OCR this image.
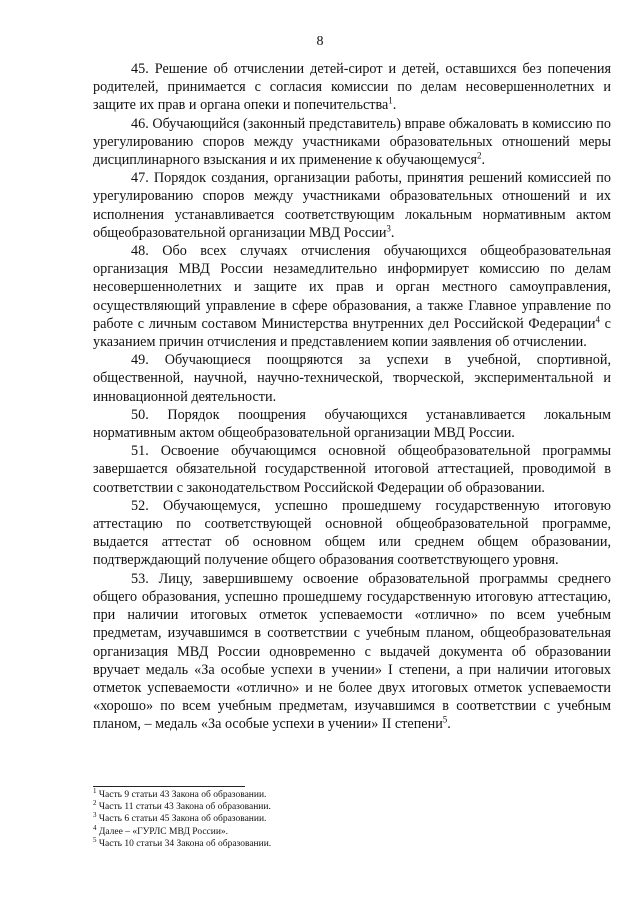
8

45. Решение об отчислении детей-сирот и детей, оставшихся без попечения родителей, принимается с согласия комиссии по делам несовершеннолетних и защите их прав и органа опеки и попечительства$^1$.

46. Обучающийся (законный представитель) вправе обжаловать в комиссию по урегулированию споров между участниками образовательных отношений меры дисциплинарного взыскания и их применение к обучающемуся$^2$.

47. Порядок создания, организации работы, принятия решений комиссией по урегулированию споров между участниками образовательных отношений и их исполнения устанавливается соответствующим локальным нормативным актом общеобразовательной организации МВД России$^3$.

48. Обо всех случаях отчисления обучающихся общеобразовательная организация МВД России незамедлительно информирует комиссию по делам несовершеннолетних и защите их прав и орган местного самоуправления, осуществляющий управление в сфере образования, а также Главное управление по работе с личным составом Министерства внутренних дел Российской Федерации$^4$ с указанием причин отчисления и представлением копии заявления об отчислении.

49. Обучающиеся поощряются за успехи в учебной, спортивной, общественной, научной, научно-технической, творческой, экспериментальной и инновационной деятельности.

50. Порядок поощрения обучающихся устанавливается локальным нормативным актом общеобразовательной организации МВД России.

51. Освоение обучающимся основной общеобразовательной программы завершается обязательной государственной итоговой аттестацией, проводимой в соответствии с законодательством Российской Федерации об образовании.

52. Обучающемуся, успешно прошедшему государственную итоговую аттестацию по соответствующей основной общеобразовательной программе, выдается аттестат об основном общем или среднем общем образовании, подтверждающий получение общего образования соответствующего уровня.

53. Лицу, завершившему освоение образовательной программы среднего общего образования, успешно прошедшему государственную итоговую аттестацию, при наличии итоговых отметок успеваемости «отлично» по всем учебным предметам, изучавшимся в соответствии с учебным планом, общеобразовательная организация МВД России одновременно с выдачей документа об образовании вручает медаль «За особые успехи в учении» I степени, а при наличии итоговых отметок успеваемости «отлично» и не более двух итоговых отметок успеваемости «хорошо» по всем учебным предметам, изучавшимся в соответствии с учебным планом, – медаль «За особые успехи в учении» II степени$^5$.

$^1$ Часть 9 статьи 43 Закона об образовании.
$^2$ Часть 11 статьи 43 Закона об образовании.
$^3$ Часть 6 статьи 45 Закона об образовании.
$^4$ Далее – «ГУРЛС МВД России».
$^5$ Часть 10 статьи 34 Закона об образовании.
